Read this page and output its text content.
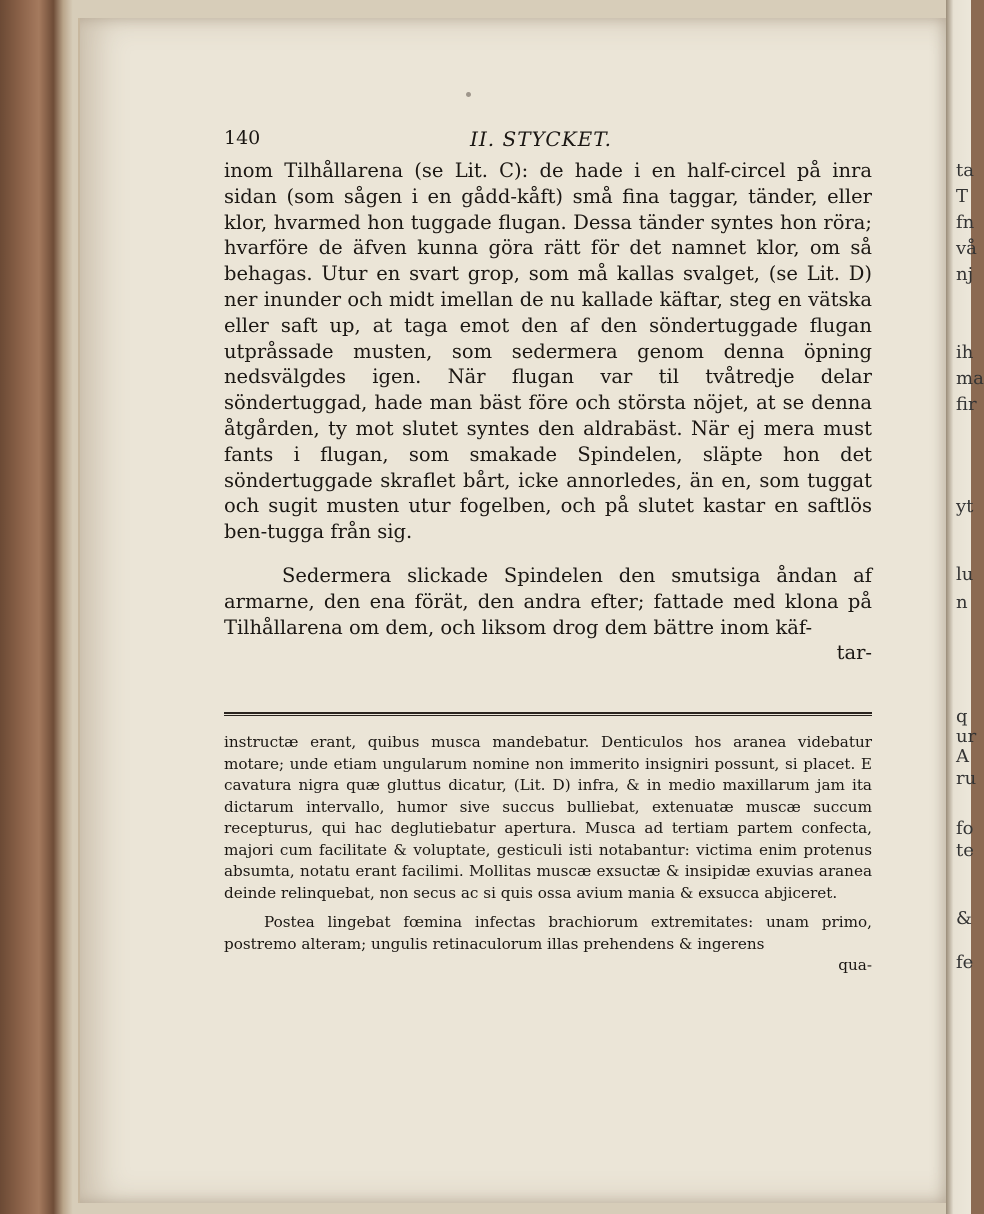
140	II. STYCKET.

inom Tilhållarena (se Lit. C): de hade i en half-circel på inra sidan (som sågen i en gådd-kåft) små fina taggar, tänder, eller klor, hvarmed hon tuggade flugan. Dessa tänder syntes hon röra; hvarföre de äfven kunna göra rätt för det namnet klor, om så behagas. Utur en svart grop, som må kallas svalget, (se Lit. D) ner inunder och midt imellan de nu kallade käftar, steg en vätska eller saft up, at taga emot den af den söndertuggade flugan utpråssade musten, som sedermera genom denna öpning nedsvälgdes igen. När flugan var til tvåtredje delar söndertuggad, hade man bäst före och största nöjet, at se denna åtgården, ty mot slutet syntes den aldrabäst. När ej mera must fants i flugan, som smakade Spindelen, släpte hon det söndertuggade skraflet bårt, icke annorledes, än en, som tuggat och sugit musten utur fogelben, och på slutet kastar en saftlös ben-tugga från sig.

Sedermera slickade Spindelen den smutsiga åndan af armarne, den ena förät, den andra efter; fattade med klona på Tilhållarena om dem, och liksom drog dem bättre inom käf-

tar-

instructæ erant, quibus musca mandebatur. Denticulos hos aranea videbatur motare; unde etiam ungularum nomine non immerito insigniri possunt, si placet. E cavatura nigra quæ gluttus dicatur, (Lit. D) infra, & in medio maxillarum jam ita dictarum intervallo, humor sive succus bulliebat, extenuatæ muscæ succum recepturus, qui hac deglutiebatur apertura. Musca ad tertiam partem confecta, majori cum facilitate & voluptate, gesticuli isti notabantur: victima enim protenus absumta, notatu erant facilimi. Mollitas muscæ exsuctæ & insipidæ exuvias aranea deinde relinquebat, non secus ac si quis ossa avium mania & exsucca abjiceret.

Postea lingebat fœmina infectas brachiorum extremitates: unam primo, postremo alteram; ungulis retinaculorum illas prehendens & ingerens

qua-

ta
T
fn
vå
nj
ih
ma
fir
yt
lu
n
q
ur
A
ru
fo
te
&
fe
